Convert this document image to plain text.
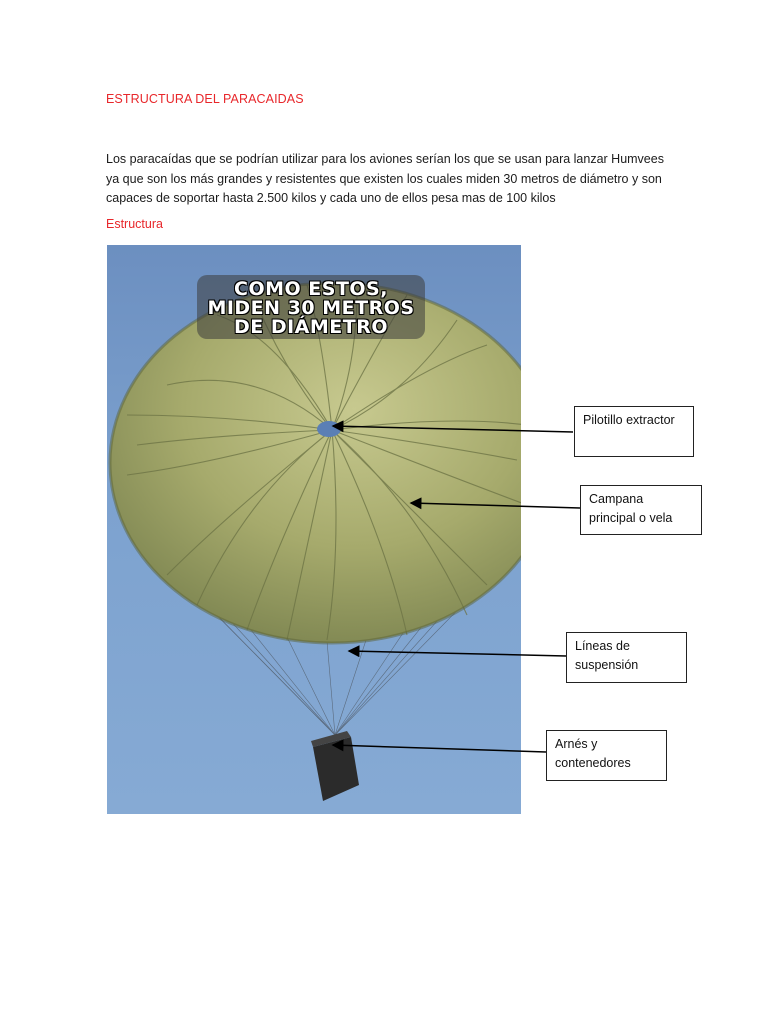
ESTRUCTURA DEL PARACAIDAS
Los paracaídas que se podrían utilizar para los aviones serían los que se usan para lanzar Humvees
ya que son los más grandes y resistentes que existen los cuales miden 30 metros de diámetro y son
capaces de soportar hasta 2.500 kilos y cada uno de ellos pesa mas de 100 kilos
Estructura
COMO ESTOS,
MIDEN 30 METROS
DE DIÁMETRO
Pilotillo extractor
Campana
principal o vela
Líneas de
suspensión
Arnés y
contenedores
